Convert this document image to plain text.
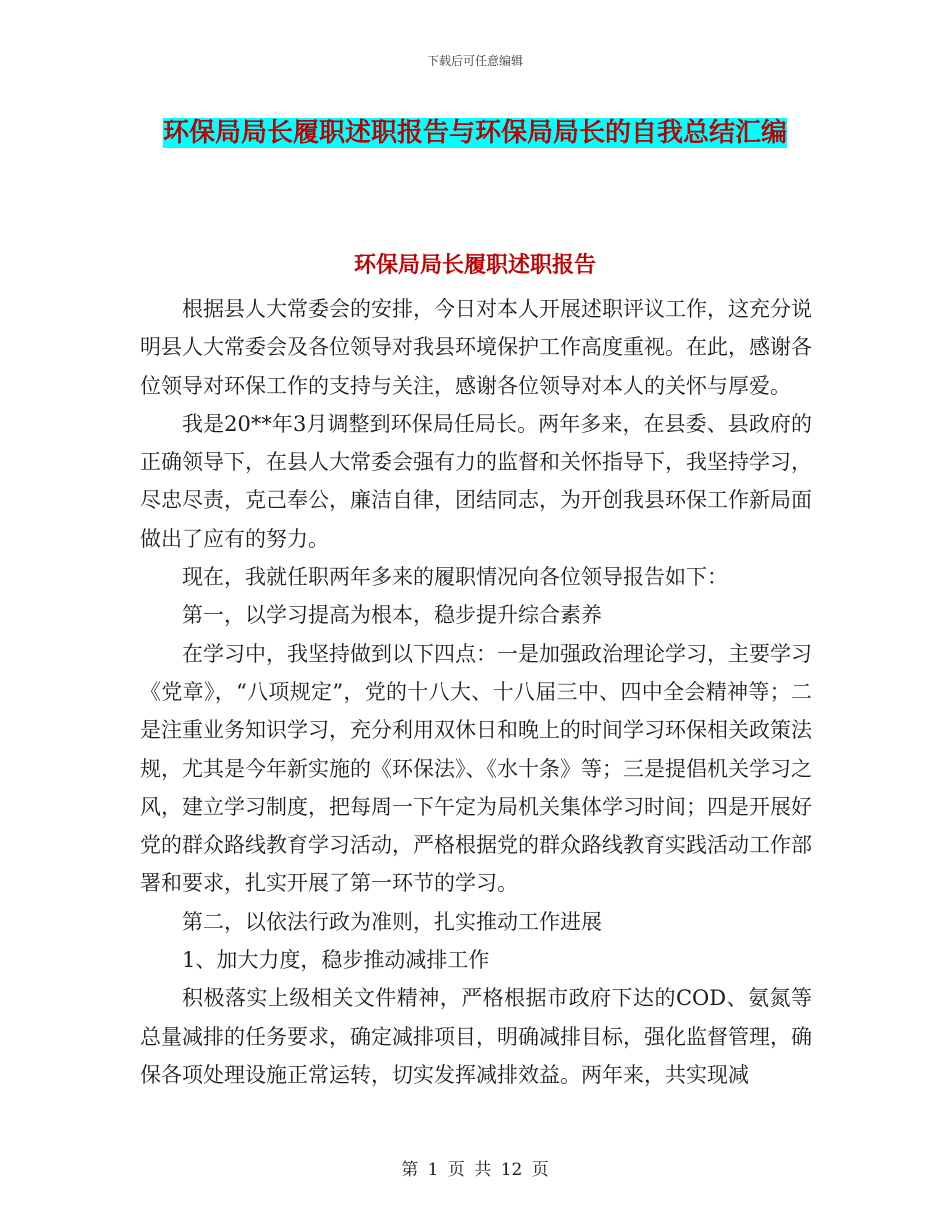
下载后可任意编辑
环保局局长履职述职报告与环保局局长的自我总结汇编
环保局局长履职述职报告

根据县人大常委会的安排，今日对本人开展述职评议工作，这充分说明县人大常委会及各位领导对我县环境保护工作高度重视。在此，感谢各位领导对环保工作的支持与关注，感谢各位领导对本人的关怀与厚爱。

我是20**年3月调整到环保局任局长。两年多来，在县委、县政府的正确领导下，在县人大常委会强有力的监督和关怀指导下，我坚持学习，尽忠尽责，克己奉公，廉洁自律，团结同志，为开创我县环保工作新局面做出了应有的努力。

现在，我就任职两年多来的履职情况向各位领导报告如下：

第一，以学习提高为根本，稳步提升综合素养

在学习中，我坚持做到以下四点：一是加强政治理论学习，主要学习《党章》，“八项规定”，党的十八大、十八届三中、四中全会精神等；二是注重业务知识学习，充分利用双休日和晚上的时间学习环保相关政策法规，尤其是今年新实施的《环保法》、《水十条》等；三是提倡机关学习之风，建立学习制度，把每周一下午定为局机关集体学习时间；四是开展好党的群众路线教育学习活动，严格根据党的群众路线教育实践活动工作部署和要求，扎实开展了第一环节的学习。

第二，以依法行政为准则，扎实推动工作进展

1、加大力度，稳步推动减排工作

积极落实上级相关文件精神，严格根据市政府下达的COD、氨氮等总量减排的任务要求，确定减排项目，明确减排目标，强化监督管理，确保各项处理设施正常运转，切实发挥减排效益。两年来，共实现减

第 1 页 共 12 页
